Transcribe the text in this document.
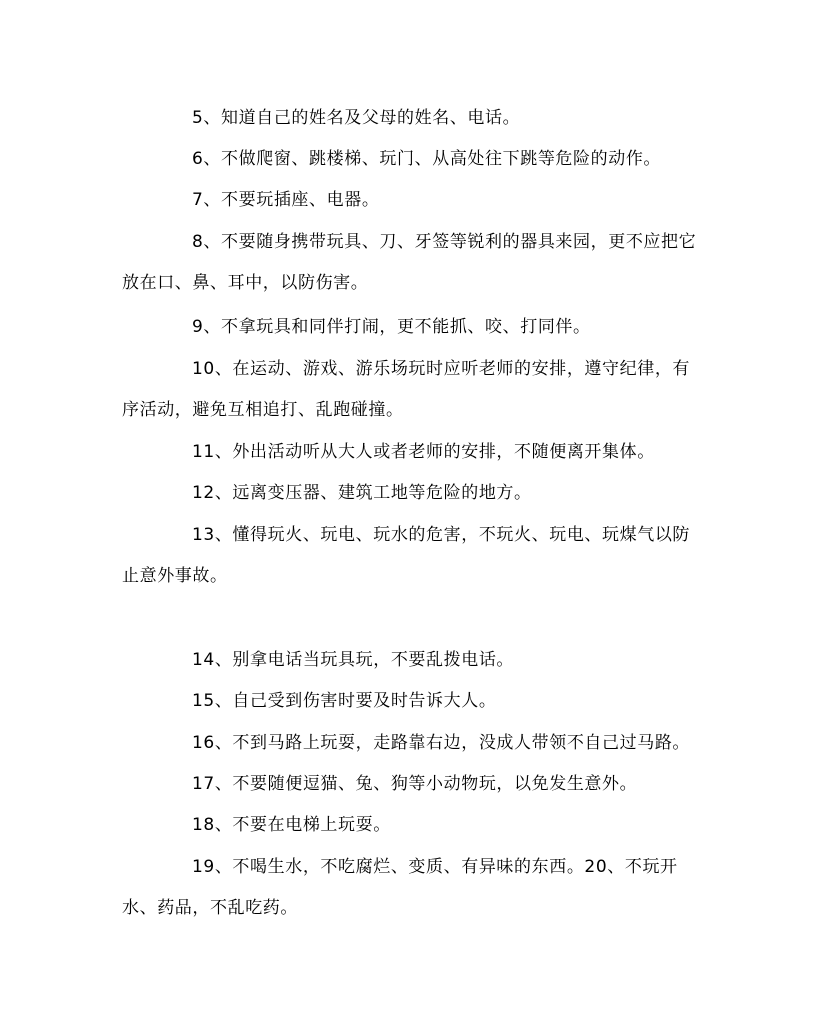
5、知道自己的姓名及父母的姓名、电话。

6、不做爬窗、跳楼梯、玩门、从高处往下跳等危险的动作。

7、不要玩插座、电器。

8、不要随身携带玩具、刀、牙签等锐利的器具来园，更不应把它放在口、鼻、耳中，以防伤害。

9、不拿玩具和同伴打闹，更不能抓、咬、打同伴。

10、在运动、游戏、游乐场玩时应听老师的安排，遵守纪律，有序活动，避免互相追打、乱跑碰撞。

11、外出活动听从大人或者老师的安排，不随便离开集体。

12、远离变压器、建筑工地等危险的地方。

13、懂得玩火、玩电、玩水的危害，不玩火、玩电、玩煤气以防止意外事故。

14、别拿电话当玩具玩，不要乱拨电话。

15、自己受到伤害时要及时告诉大人。

16、不到马路上玩耍，走路靠右边，没成人带领不自己过马路。

17、不要随便逗猫、兔、狗等小动物玩，以免发生意外。

18、不要在电梯上玩耍。

19、不喝生水，不吃腐烂、变质、有异味的东西。20、不玩开水、药品，不乱吃药。
